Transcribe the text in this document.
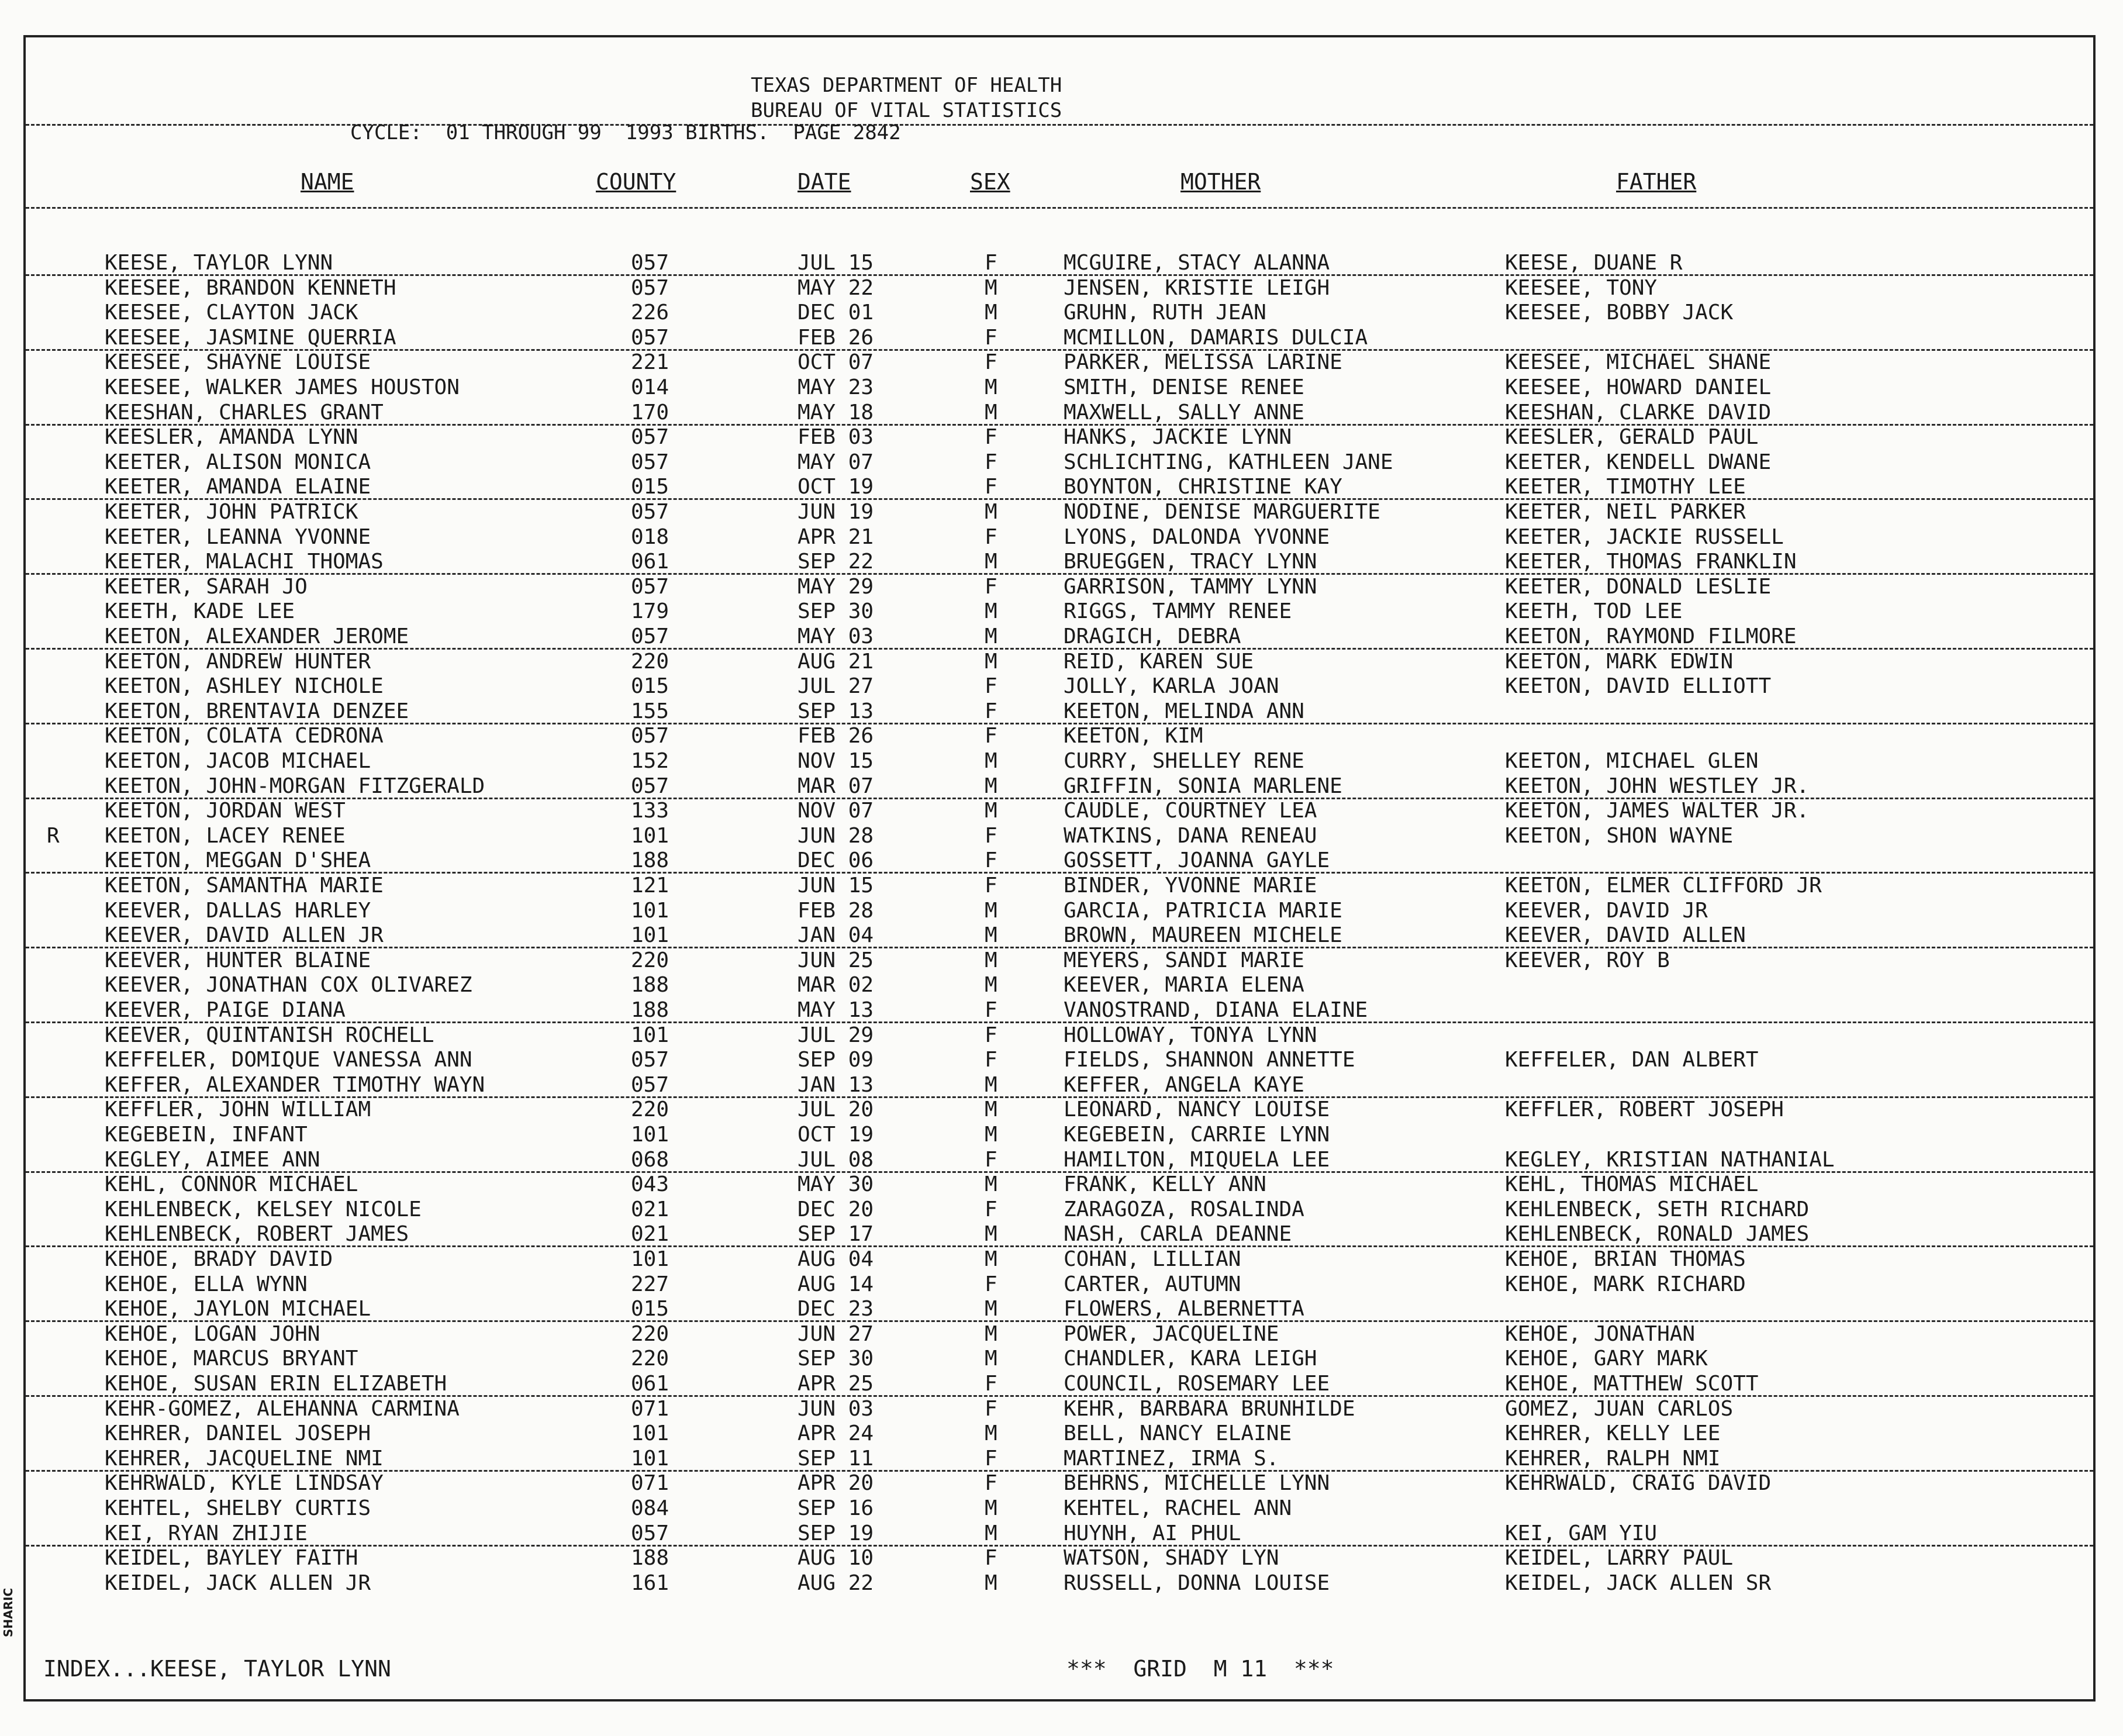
TEXAS DEPARTMENT OF HEALTH
BUREAU OF VITAL STATISTICS
CYCLE:  01 THROUGH 99  1993 BIRTHS.  PAGE 2842
NAME	COUNTY	DATE	SEX	MOTHER	FATHER
KEESE, TAYLOR LYNN	057	JUL 15	F	MCGUIRE, STACY ALANNA	KEESE, DUANE R
KEESEE, BRANDON KENNETH	057	MAY 22	M	JENSEN, KRISTIE LEIGH	KEESEE, TONY
KEESEE, CLAYTON JACK	226	DEC 01	M	GRUHN, RUTH JEAN	KEESEE, BOBBY JACK
KEESEE, JASMINE QUERRIA	057	FEB 26	F	MCMILLON, DAMARIS DULCIA
KEESEE, SHAYNE LOUISE	221	OCT 07	F	PARKER, MELISSA LARINE	KEESEE, MICHAEL SHANE
KEESEE, WALKER JAMES HOUSTON	014	MAY 23	M	SMITH, DENISE RENEE	KEESEE, HOWARD DANIEL
KEESHAN, CHARLES GRANT	170	MAY 18	M	MAXWELL, SALLY ANNE	KEESHAN, CLARKE DAVID
KEESLER, AMANDA LYNN	057	FEB 03	F	HANKS, JACKIE LYNN	KEESLER, GERALD PAUL
KEETER, ALISON MONICA	057	MAY 07	F	SCHLICHTING, KATHLEEN JANE	KEETER, KENDELL DWANE
KEETER, AMANDA ELAINE	015	OCT 19	F	BOYNTON, CHRISTINE KAY	KEETER, TIMOTHY LEE
KEETER, JOHN PATRICK	057	JUN 19	M	NODINE, DENISE MARGUERITE	KEETER, NEIL PARKER
KEETER, LEANNA YVONNE	018	APR 21	F	LYONS, DALONDA YVONNE	KEETER, JACKIE RUSSELL
KEETER, MALACHI THOMAS	061	SEP 22	M	BRUEGGEN, TRACY LYNN	KEETER, THOMAS FRANKLIN
KEETER, SARAH JO	057	MAY 29	F	GARRISON, TAMMY LYNN	KEETER, DONALD LESLIE
KEETH, KADE LEE	179	SEP 30	M	RIGGS, TAMMY RENEE	KEETH, TOD LEE
KEETON, ALEXANDER JEROME	057	MAY 03	M	DRAGICH, DEBRA	KEETON, RAYMOND FILMORE
KEETON, ANDREW HUNTER	220	AUG 21	M	REID, KAREN SUE	KEETON, MARK EDWIN
KEETON, ASHLEY NICHOLE	015	JUL 27	F	JOLLY, KARLA JOAN	KEETON, DAVID ELLIOTT
KEETON, BRENTAVIA DENZEE	155	SEP 13	F	KEETON, MELINDA ANN
KEETON, COLATA CEDRONA	057	FEB 26	F	KEETON, KIM
KEETON, JACOB MICHAEL	152	NOV 15	M	CURRY, SHELLEY RENE	KEETON, MICHAEL GLEN
KEETON, JOHN-MORGAN FITZGERALD	057	MAR 07	M	GRIFFIN, SONIA MARLENE	KEETON, JOHN WESTLEY JR.
KEETON, JORDAN WEST	133	NOV 07	M	CAUDLE, COURTNEY LEA	KEETON, JAMES WALTER JR.
R KEETON, LACEY RENEE	101	JUN 28	F	WATKINS, DANA RENEAU	KEETON, SHON WAYNE
KEETON, MEGGAN D'SHEA	188	DEC 06	F	GOSSETT, JOANNA GAYLE
KEETON, SAMANTHA MARIE	121	JUN 15	F	BINDER, YVONNE MARIE	KEETON, ELMER CLIFFORD JR
KEEVER, DALLAS HARLEY	101	FEB 28	M	GARCIA, PATRICIA MARIE	KEEVER, DAVID JR
KEEVER, DAVID ALLEN JR	101	JAN 04	M	BROWN, MAUREEN MICHELE	KEEVER, DAVID ALLEN
KEEVER, HUNTER BLAINE	220	JUN 25	M	MEYERS, SANDI MARIE	KEEVER, ROY B
KEEVER, JONATHAN COX OLIVAREZ	188	MAR 02	M	KEEVER, MARIA ELENA
KEEVER, PAIGE DIANA	188	MAY 13	F	VANOSTRAND, DIANA ELAINE
KEEVER, QUINTANISH ROCHELL	101	JUL 29	F	HOLLOWAY, TONYA LYNN
KEFFELER, DOMIQUE VANESSA ANN	057	SEP 09	F	FIELDS, SHANNON ANNETTE	KEFFELER, DAN ALBERT
KEFFER, ALEXANDER TIMOTHY WAYN	057	JAN 13	M	KEFFER, ANGELA KAYE
KEFFLER, JOHN WILLIAM	220	JUL 20	M	LEONARD, NANCY LOUISE	KEFFLER, ROBERT JOSEPH
KEGEBEIN, INFANT	101	OCT 19	M	KEGEBEIN, CARRIE LYNN
KEGLEY, AIMEE ANN	068	JUL 08	F	HAMILTON, MIQUELA LEE	KEGLEY, KRISTIAN NATHANIAL
KEHL, CONNOR MICHAEL	043	MAY 30	M	FRANK, KELLY ANN	KEHL, THOMAS MICHAEL
KEHLENBECK, KELSEY NICOLE	021	DEC 20	F	ZARAGOZA, ROSALINDA	KEHLENBECK, SETH RICHARD
KEHLENBECK, ROBERT JAMES	021	SEP 17	M	NASH, CARLA DEANNE	KEHLENBECK, RONALD JAMES
KEHOE, BRADY DAVID	101	AUG 04	M	COHAN, LILLIAN	KEHOE, BRIAN THOMAS
KEHOE, ELLA WYNN	227	AUG 14	F	CARTER, AUTUMN	KEHOE, MARK RICHARD
KEHOE, JAYLON MICHAEL	015	DEC 23	M	FLOWERS, ALBERNETTA
KEHOE, LOGAN JOHN	220	JUN 27	M	POWER, JACQUELINE	KEHOE, JONATHAN
KEHOE, MARCUS BRYANT	220	SEP 30	M	CHANDLER, KARA LEIGH	KEHOE, GARY MARK
KEHOE, SUSAN ERIN ELIZABETH	061	APR 25	F	COUNCIL, ROSEMARY LEE	KEHOE, MATTHEW SCOTT
KEHR-GOMEZ, ALEHANNA CARMINA	071	JUN 03	F	KEHR, BARBARA BRUNHILDE	GOMEZ, JUAN CARLOS
KEHRER, DANIEL JOSEPH	101	APR 24	M	BELL, NANCY ELAINE	KEHRER, KELLY LEE
KEHRER, JACQUELINE NMI	101	SEP 11	F	MARTINEZ, IRMA S.	KEHRER, RALPH NMI
KEHRWALD, KYLE LINDSAY	071	APR 20	F	BEHRNS, MICHELLE LYNN	KEHRWALD, CRAIG DAVID
KEHTEL, SHELBY CURTIS	084	SEP 16	M	KEHTEL, RACHEL ANN
KEI, RYAN ZHIJIE	057	SEP 19	M	HUYNH, AI PHUL	KEI, GAM YIU
KEIDEL, BAYLEY FAITH	188	AUG 10	F	WATSON, SHADY LYN	KEIDEL, LARRY PAUL
KEIDEL, JACK ALLEN JR	161	AUG 22	M	RUSSELL, DONNA LOUISE	KEIDEL, JACK ALLEN SR
INDEX...KEESE, TAYLOR LYNN	***  GRID  M 11  ***
SHARIC
